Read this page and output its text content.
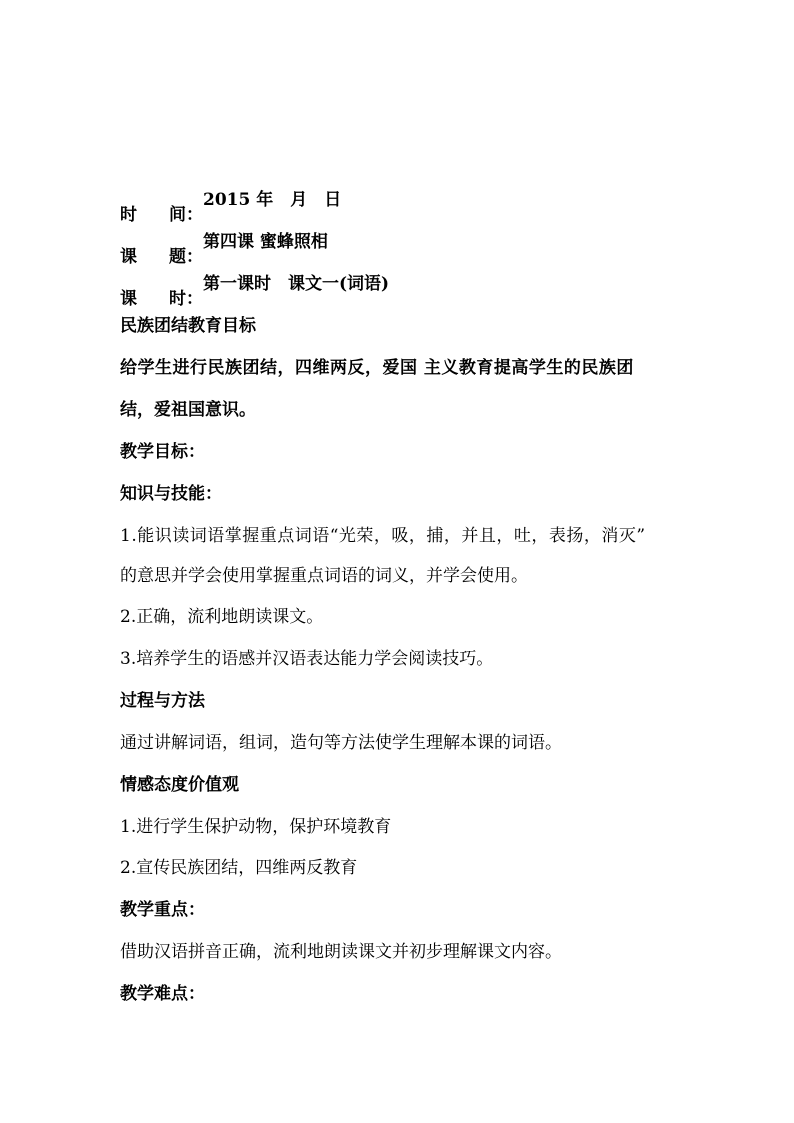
时 间：
2015 年　月　日
课 题：
第四课 蜜蜂照相
课 时：
第一课时　课文一(词语)
民族团结教育目标
给学生进行民族团结，四维两反，爱国 主义教育提高学生的民族团
结，爱祖国意识。
教学目标：
知识与技能：
1.能识读词语掌握重点词语“光荣，吸，捕，并且，吐，表扬，消灭”
的意思并学会使用掌握重点词语的词义，并学会使用。
2.正确，流利地朗读课文。
3.培养学生的语感并汉语表达能力学会阅读技巧。
过程与方法
通过讲解词语，组词，造句等方法使学生理解本课的词语。
情感态度价值观
1.进行学生保护动物，保护环境教育
2.宣传民族团结，四维两反教育
教学重点：
借助汉语拼音正确，流利地朗读课文并初步理解课文内容。
教学难点：
